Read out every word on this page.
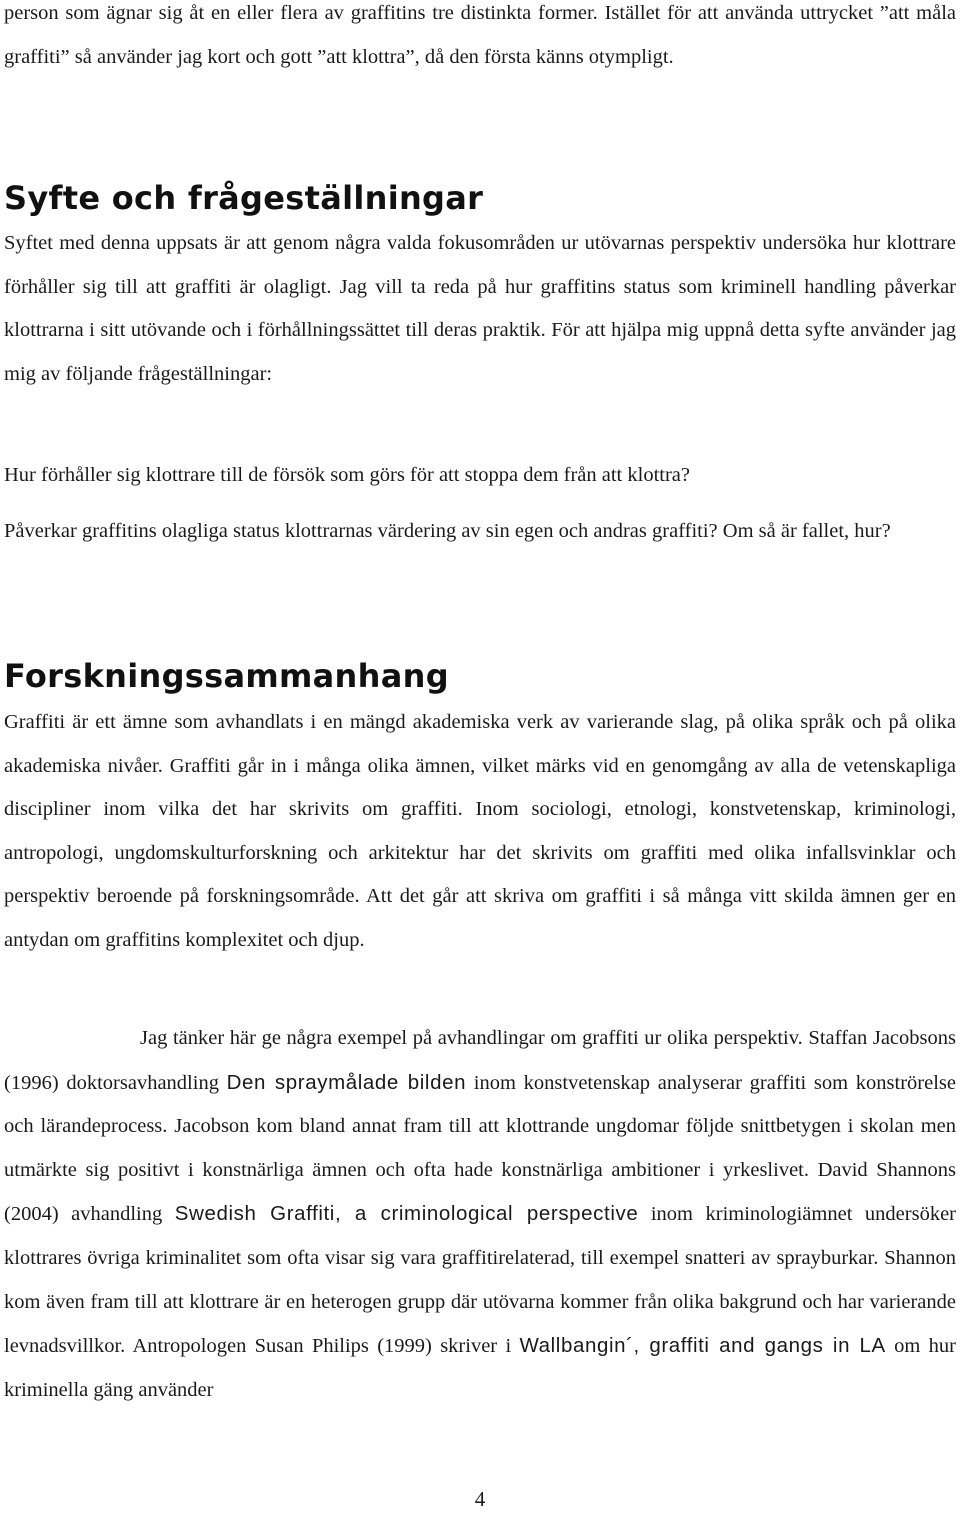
person som ägnar sig åt en eller flera av graffitins tre distinkta former. Istället för att använda uttrycket ”att måla graffiti” så använder jag kort och gott ”att klottra”, då den första känns otympligt.

Syfte och frågeställningar

Syftet med denna uppsats är att genom några valda fokusområden ur utövarnas perspektiv undersöka hur klottrare förhåller sig till att graffiti är olagligt. Jag vill ta reda på hur graffitins status som kriminell handling påverkar klottrarna i sitt utövande och i förhållningssättet till deras praktik. För att hjälpa mig uppnå detta syfte använder jag mig av följande frågeställningar:

Hur förhåller sig klottrare till de försök som görs för att stoppa dem från att klottra?

Påverkar graffitins olagliga status klottrarnas värdering av sin egen och andras graffiti? Om så är fallet, hur?

Forskningssammanhang

Graffiti är ett ämne som avhandlats i en mängd akademiska verk av varierande slag, på olika språk och på olika akademiska nivåer. Graffiti går in i många olika ämnen, vilket märks vid en genomgång av alla de vetenskapliga discipliner inom vilka det har skrivits om graffiti. Inom sociologi, etnologi, konstvetenskap, kriminologi, antropologi, ungdomskulturforskning och arkitektur har det skrivits om graffiti med olika infallsvinklar och perspektiv beroende på forskningsområde. Att det går att skriva om graffiti i så många vitt skilda ämnen ger en antydan om graffitins komplexitet och djup.

Jag tänker här ge några exempel på avhandlingar om graffiti ur olika perspektiv. Staffan Jacobsons (1996) doktorsavhandling Den spraymålade bilden inom konstvetenskap analyserar graffiti som konströrelse och lärandeprocess. Jacobson kom bland annat fram till att klottrande ungdomar följde snittbetygen i skolan men utmärkte sig positivt i konstnärliga ämnen och ofta hade konstnärliga ambitioner i yrkeslivet. David Shannons (2004) avhandling Swedish Graffiti, a criminological perspective inom kriminologiämnet undersöker klottrares övriga kriminalitet som ofta visar sig vara graffitirelaterad, till exempel snatteri av sprayburkar. Shannon kom även fram till att klottrare är en heterogen grupp där utövarna kommer från olika bakgrund och har varierande levnadsvillkor. Antropologen Susan Philips (1999) skriver i Wallbangin´, graffiti and gangs in LA om hur kriminella gäng använder

4
